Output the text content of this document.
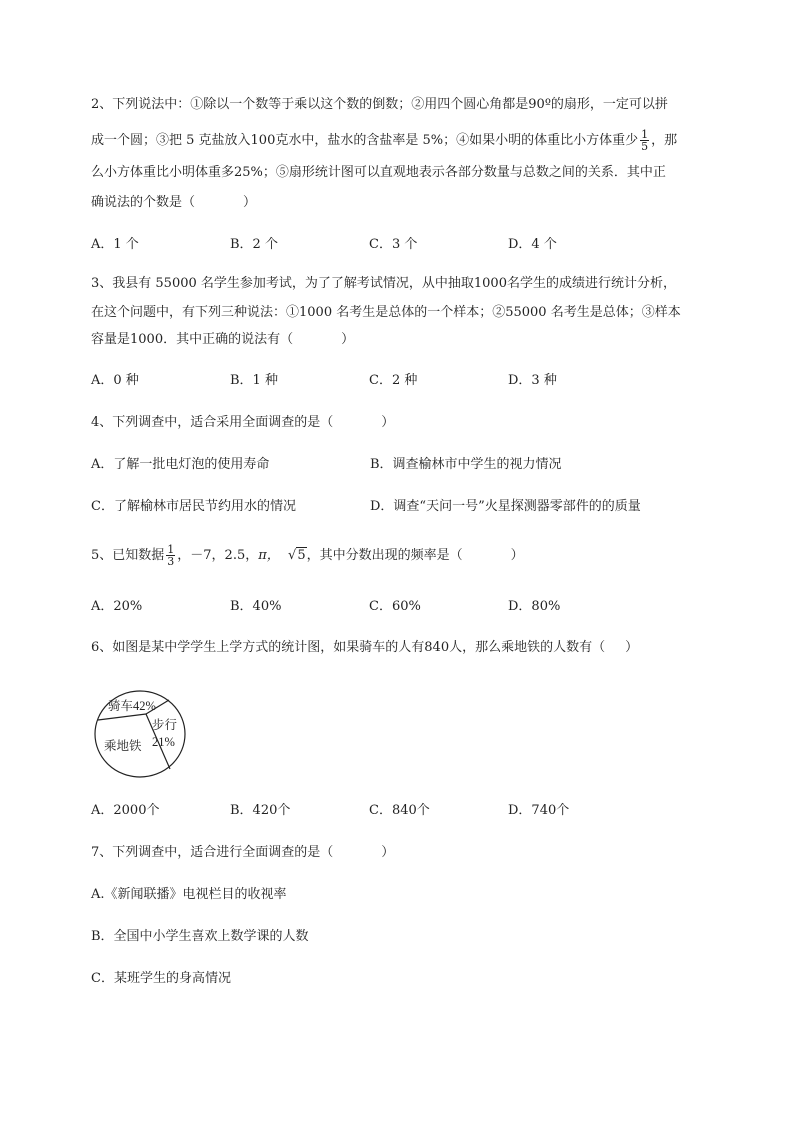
2、下列说法中：①除以一个数等于乘以这个数的倒数；②用四个圆心角都是90º的扇形，一定可以拼
成一个圆；③把 5 克盐放入100克水中，盐水的含盐率是 5%；④如果小明的体重比小方体重少 $\frac{1}{5}$ ，那
么小方体重比小明体重多25%；⑤扇形统计图可以直观地表示各部分数量与总数之间的关系．其中正
确说法的个数是（	）
A．1 个	B．2 个	C．3 个	D．4 个
3、我县有 55000 名学生参加考试，为了了解考试情况，从中抽取1000名学生的成绩进行统计分析，
在这个问题中，有下列三种说法：①1000 名考生是总体的一个样本；②55000 名考生是总体；③样本
容量是1000．其中正确的说法有（	）
A．0 种	B．1 种	C．2 种	D．3 种
4、下列调查中，适合采用全面调查的是（	）
A．了解一批电灯泡的使用寿命	B．调查榆林市中学生的视力情况
C．了解榆林市居民节约用水的情况	D．调查“天问一号”火星探测器零部件的的质量
5、已知数据 $\frac{1}{3}$ ，－7，2.5，π， √5，其中分数出现的频率是（	）
A．20%	B．40%	C．60%	D．80%
6、如图是某中学学生上学方式的统计图，如果骑车的人有840人，那么乘地铁的人数有（ ）
骑车42%
步行
21%
乘地铁
A．2000个	B．420个	C．840个	D．740个
7、下列调查中，适合进行全面调查的是（	）
A.《新闻联播》电视栏目的收视率
B．全国中小学生喜欢上数学课的人数
C．某班学生的身高情况
